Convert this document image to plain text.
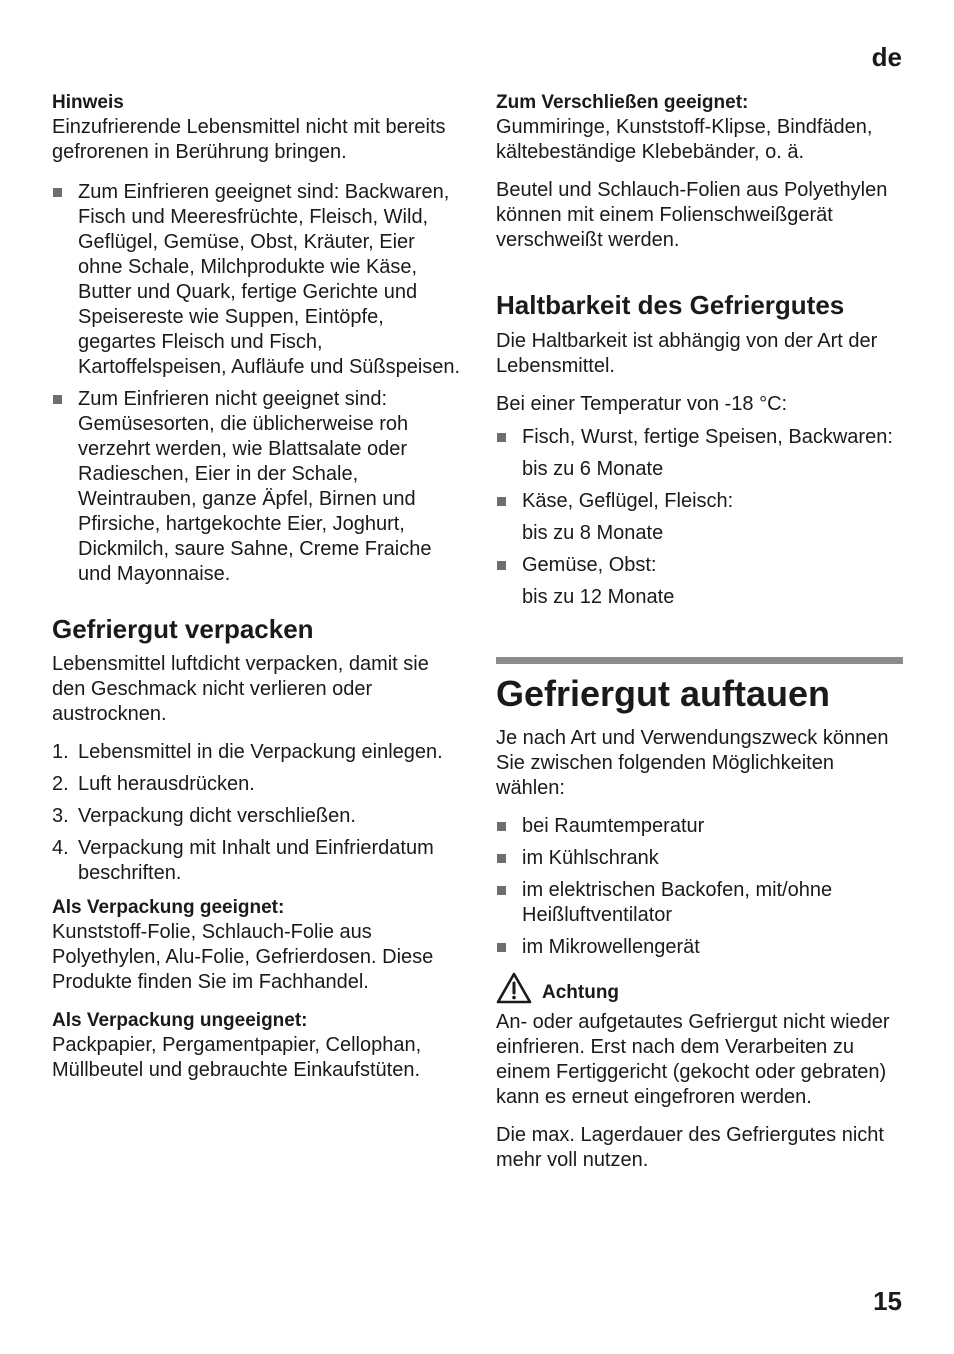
de

Hinweis

Einzufrierende Lebensmittel nicht mit bereits gefrorenen in Berührung bringen.

Zum Einfrieren geeignet sind: Backwaren, Fisch und Meeresfrüchte, Fleisch, Wild, Geflügel, Gemüse, Obst, Kräuter, Eier ohne Schale, Milchprodukte wie Käse, Butter und Quark, fertige Gerichte und Speisereste wie Suppen, Eintöpfe, gegartes Fleisch und Fisch, Kartoffelspeisen, Aufläufe und Süßspeisen.
Zum Einfrieren nicht geeignet sind: Gemüsesorten, die üblicherweise roh verzehrt werden, wie Blattsalate oder Radieschen, Eier in der Schale, Weintrauben, ganze Äpfel, Birnen und Pfirsiche, hartgekochte Eier, Joghurt, Dickmilch, saure Sahne, Creme Fraiche und Mayonnaise.

Gefriergut verpacken

Lebensmittel luftdicht verpacken, damit sie den Geschmack nicht verlieren oder austrocknen.

1. Lebensmittel in die Verpackung einlegen.
2. Luft herausdrücken.
3. Verpackung dicht verschließen.
4. Verpackung mit Inhalt und Einfrierdatum beschriften.

Als Verpackung geeignet:

Kunststoff-Folie, Schlauch-Folie aus Polyethylen, Alu-Folie, Gefrierdosen. Diese Produkte finden Sie im Fachhandel.

Als Verpackung ungeeignet:

Packpapier, Pergamentpapier, Cellophan, Müllbeutel und gebrauchte Einkaufstüten.

Zum Verschließen geeignet:

Gummiringe, Kunststoff-Klipse, Bindfäden, kältebeständige Klebebänder, o. ä.

Beutel und Schlauch-Folien aus Polyethylen können mit einem Folienschweißgerät verschweißt werden.

Haltbarkeit des Gefriergutes

Die Haltbarkeit ist abhängig von der Art der Lebensmittel.

Bei einer Temperatur von -18 °C:

Fisch, Wurst, fertige Speisen, Backwaren:

bis zu 6 Monate

Käse, Geflügel, Fleisch:

bis zu 8 Monate

Gemüse, Obst:

bis zu 12 Monate

Gefriergut auftauen

Je nach Art und Verwendungszweck können Sie zwischen folgenden Möglichkeiten wählen:

bei Raumtemperatur
im Kühlschrank
im elektrischen Backofen, mit/ohne Heißluftventilator
im Mikrowellengerät
Achtung

An- oder aufgetautes Gefriergut nicht wieder einfrieren. Erst nach dem Verarbeiten zu einem Fertiggericht (gekocht oder gebraten) kann es erneut eingefroren werden.

Die max. Lagerdauer des Gefriergutes nicht mehr voll nutzen.

15
